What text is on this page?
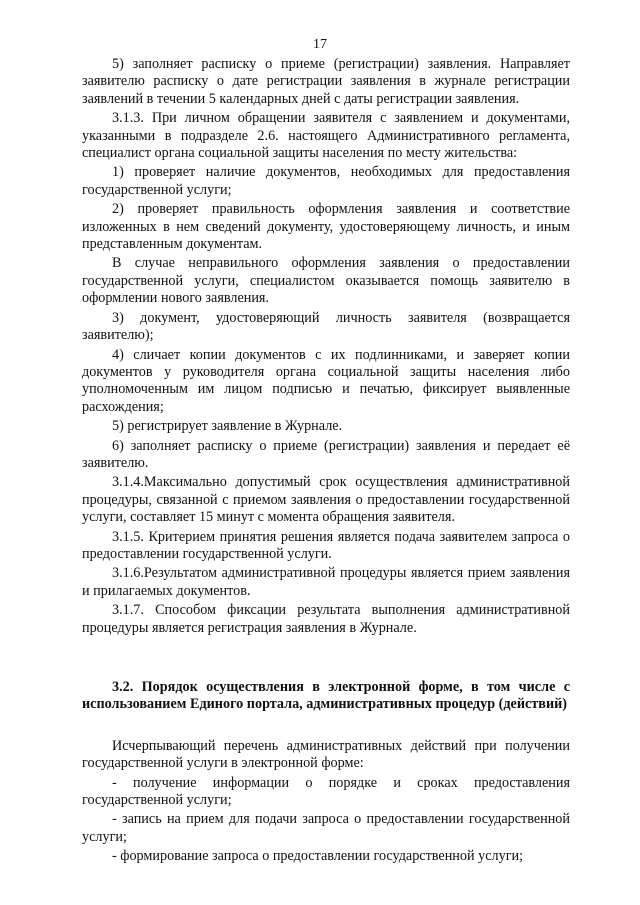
17

5) заполняет расписку о приеме (регистрации) заявления. Направляет заявителю расписку о дате регистрации заявления в журнале регистрации заявлений в течении 5 календарных дней с даты регистрации заявления.

3.1.3. При личном обращении заявителя с заявлением и документами, указанными в подразделе 2.6. настоящего Административного регламента, специалист органа социальной защиты населения по месту жительства:

1) проверяет наличие документов, необходимых для предоставления государственной услуги;

2) проверяет правильность оформления заявления и соответствие изложенных в нем сведений документу, удостоверяющему личность, и иным представленным документам.

В случае неправильного оформления заявления о предоставлении государственной услуги, специалистом оказывается помощь заявителю в оформлении нового заявления.

3) документ, удостоверяющий личность заявителя (возвращается заявителю);

4) сличает копии документов с их подлинниками, и заверяет копии документов у руководителя органа социальной защиты населения либо уполномоченным им лицом подписью и печатью, фиксирует выявленные расхождения;

5) регистрирует заявление в Журнале.

6) заполняет расписку о приеме (регистрации) заявления и передает её заявителю.

3.1.4.Максимально допустимый срок осуществления административной процедуры, связанной с приемом заявления о предоставлении государственной услуги, составляет 15 минут с момента обращения заявителя.

3.1.5. Критерием принятия решения является подача заявителем запроса о предоставлении государственной услуги.

3.1.6.Результатом административной процедуры является прием заявления и прилагаемых документов.

3.1.7. Способом фиксации результата выполнения административной процедуры является регистрация заявления в Журнале.

3.2. Порядок осуществления в электронной форме, в том числе с использованием Единого портала, административных процедур (действий)

Исчерпывающий перечень административных действий при получении государственной услуги в электронной форме:

- получение информации о порядке и сроках предоставления государственной услуги;

- запись на прием для подачи запроса о предоставлении государственной услуги;

- формирование запроса о предоставлении государственной услуги;
